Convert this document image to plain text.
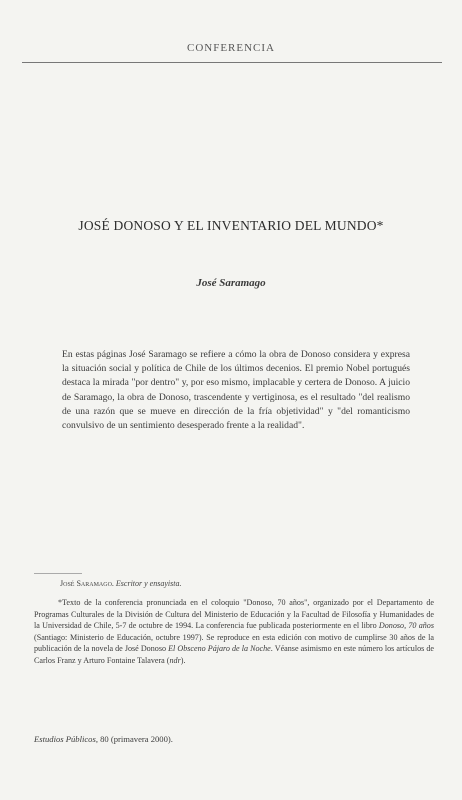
CONFERENCIA
JOSÉ DONOSO Y EL INVENTARIO DEL MUNDO*
José Saramago
En estas páginas José Saramago se refiere a cómo la obra de Donoso considera y expresa la situación social y política de Chile de los últimos decenios. El premio Nobel portugués destaca la mirada "por dentro" y, por eso mismo, implacable y certera de Donoso. A juicio de Saramago, la obra de Donoso, trascendente y vertiginosa, es el resultado "del realismo de una razón que se mueve en dirección de la fría objetividad" y "del romanticismo convulsivo de un sentimiento desesperado frente a la realidad".
José Saramago. Escritor y ensayista.
*Texto de la conferencia pronunciada en el coloquio "Donoso, 70 años", organizado por el Departamento de Programas Culturales de la División de Cultura del Ministerio de Educación y la Facultad de Filosofía y Humanidades de la Universidad de Chile, 5-7 de octubre de 1994. La conferencia fue publicada posteriormente en el libro Donoso, 70 años (Santiago: Ministerio de Educación, octubre 1997). Se reproduce en esta edición con motivo de cumplirse 30 años de la publicación de la novela de José Donoso El Obsceno Pájaro de la Noche. Véanse asimismo en este número los artículos de Carlos Franz y Arturo Fontaine Talavera (ndr).
Estudios Públicos, 80 (primavera 2000).
